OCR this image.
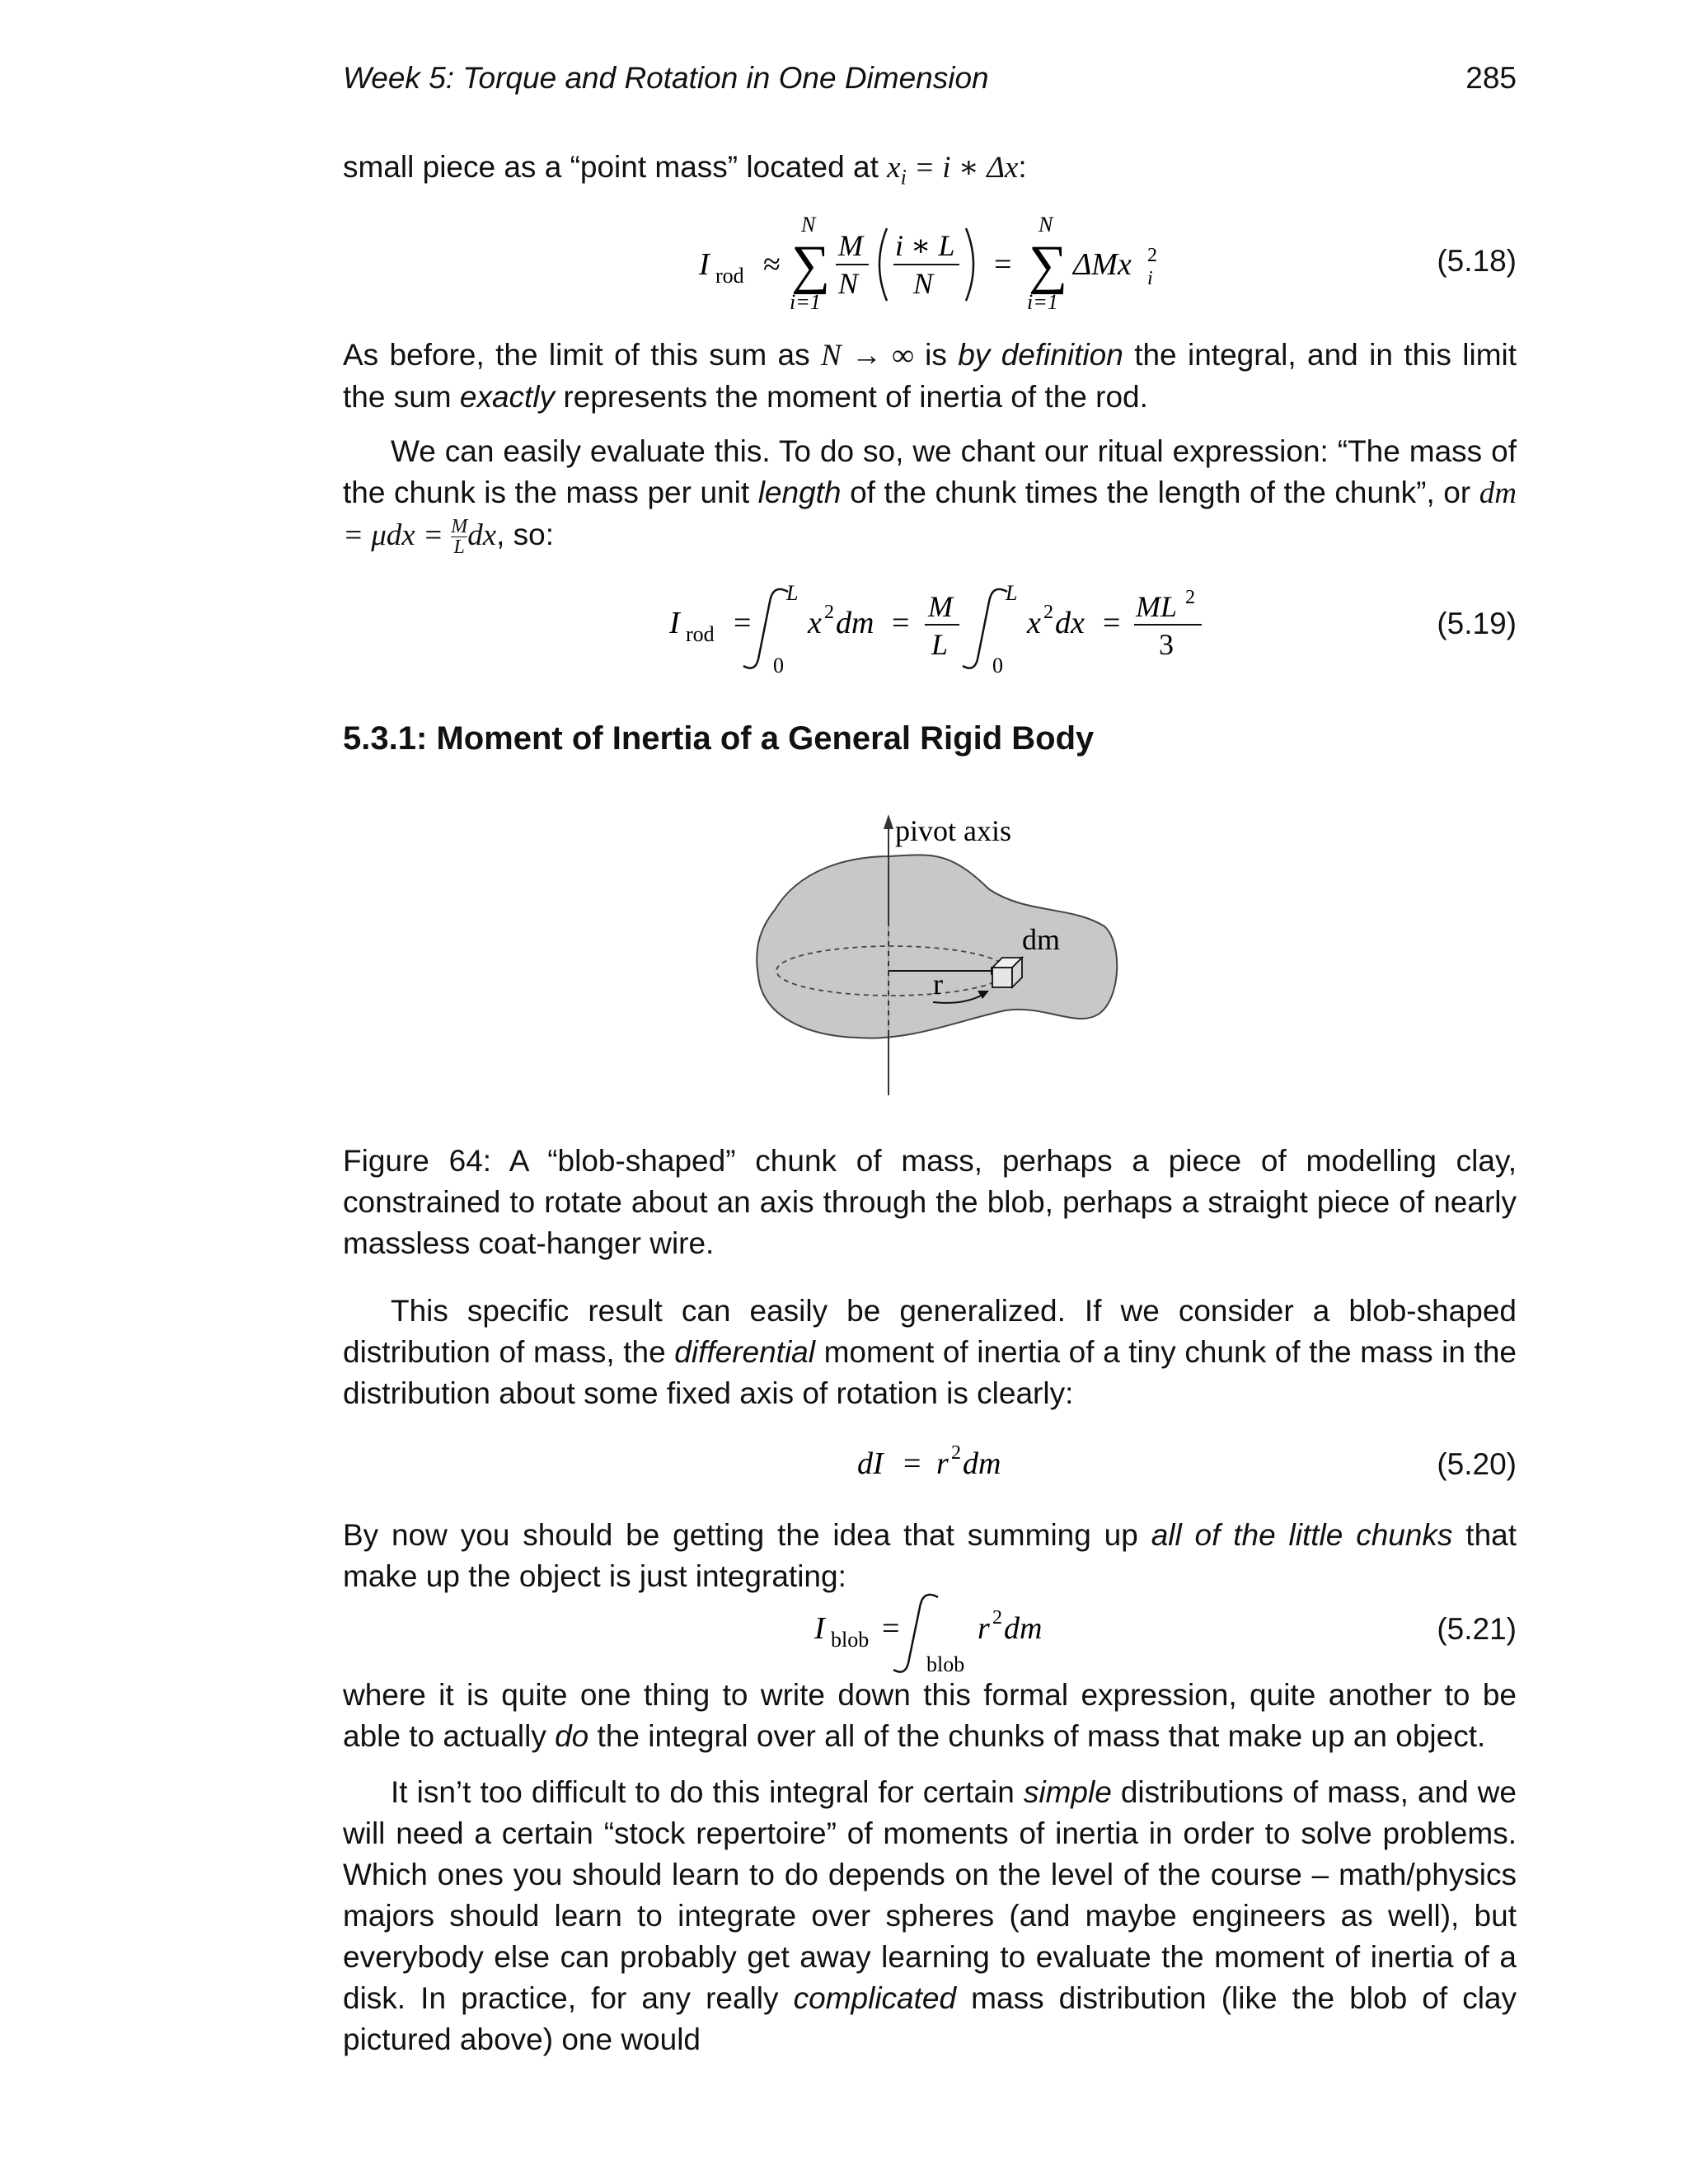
Week 5: Torque and Rotation in One Dimension	285
small piece as a “point mass” located at $x_i = i$ ∗ Δx:
I rod ≈ ∑
N
i=1
M
N
i ∗ L
N
= ∑
N
i=1
ΔMx 2
i
(5.18)
As before, the limit of this sum as N → ∞ is by definition the integral, and in this limit the sum exactly represents the moment of inertia of the rod.
We can easily evaluate this. To do so, we chant our ritual expression: “The mass of the chunk is the mass per unit length of the chunk times the length of the chunk”, or dm = $\mu dx = \frac{M}{L}$ dx, so:
I rod =
L
0
x 2 dm = M
L
L
0
x 2 dx = ML 2
3
(5.19)
5.3.1: Moment of Inertia of a General Rigid Body
pivot axis
dm
r
Figure 64: A “blob-shaped” chunk of mass, perhaps a piece of modelling clay, constrained to rotate about an axis through the blob, perhaps a straight piece of nearly massless coat-hanger wire.
This specific result can easily be generalized. If we consider a blob-shaped distribution of mass, the differential moment of inertia of a tiny chunk of the mass in the distribution about some fixed axis of rotation is clearly:
dI = r 2 dm	(5.20)
By now you should be getting the idea that summing up all of the little chunks that make up the object is just integrating:
I blob =
blob
r 2 dm	(5.21)
where it is quite one thing to write down this formal expression, quite another to be able to actually do the integral over all of the chunks of mass that make up an object.
It isn’t too difficult to do this integral for certain simple distributions of mass, and we will need a certain “stock repertoire” of moments of inertia in order to solve problems. Which ones you should learn to do depends on the level of the course – math/physics majors should learn to integrate over spheres (and maybe engineers as well), but everybody else can probably get away learning to evaluate the moment of inertia of a disk. In practice, for any really complicated mass distribution (like the blob of clay pictured above) one would
